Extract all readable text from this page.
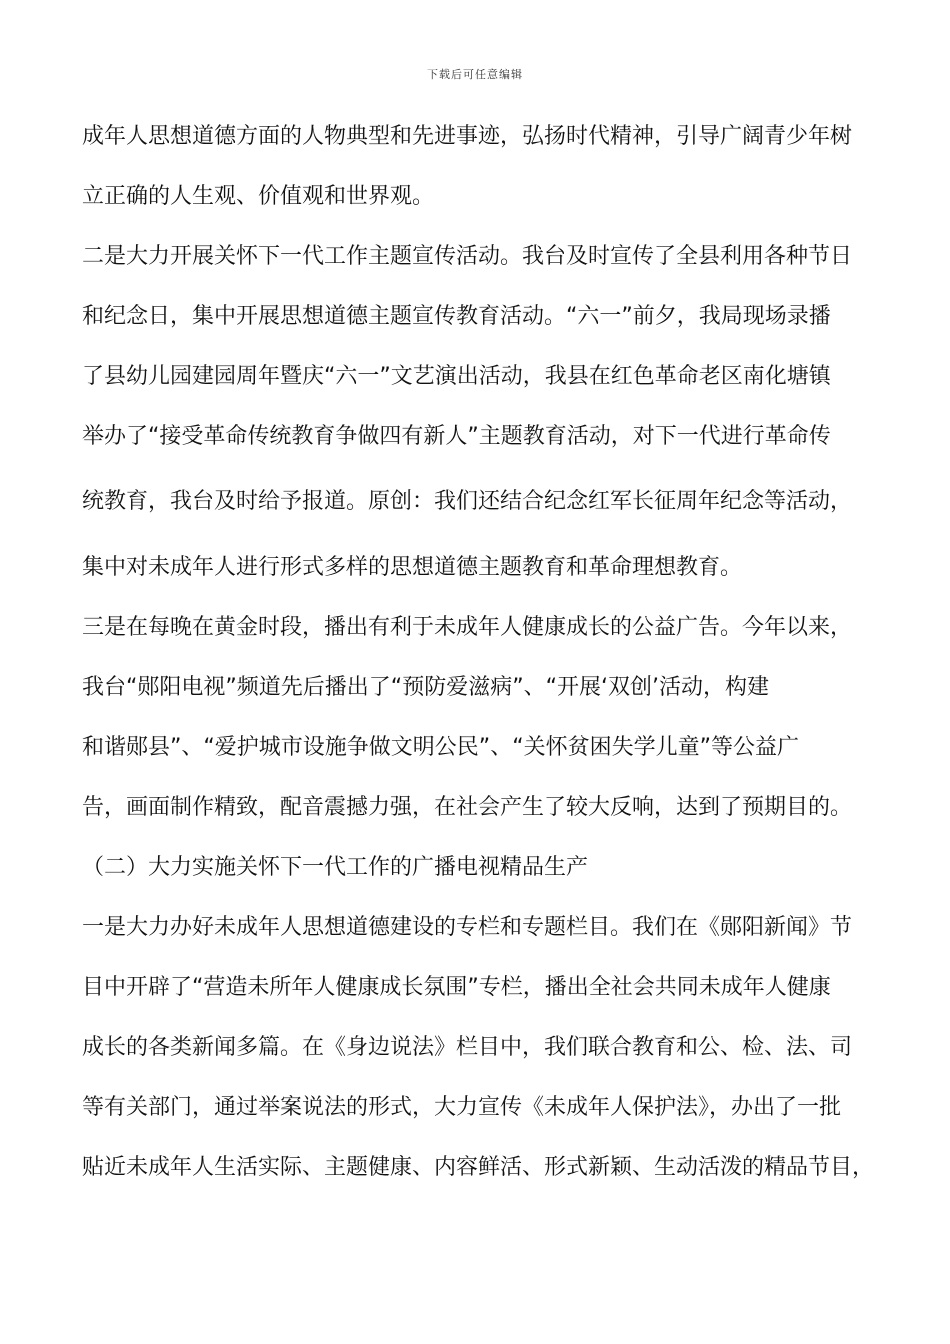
下载后可任意编辑
成年人思想道德方面的人物典型和先进事迹，弘扬时代精神，引导广阔青少年树
立正确的人生观、价值观和世界观。
二是大力开展关怀下一代工作主题宣传活动。我台及时宣传了全县利用各种节日
和纪念日，集中开展思想道德主题宣传教育活动。“六一”前夕，我局现场录播
了县幼儿园建园周年暨庆“六一”文艺演出活动，我县在红色革命老区南化塘镇
举办了“接受革命传统教育争做四有新人”主题教育活动，对下一代进行革命传
统教育，我台及时给予报道。原创：我们还结合纪念红军长征周年纪念等活动，
集中对未成年人进行形式多样的思想道德主题教育和革命理想教育。
三是在每晚在黄金时段，播出有利于未成年人健康成长的公益广告。今年以来，
我台“郧阳电视”频道先后播出了“预防爱滋病”、“开展‘双创’活动，构建
和谐郧县”、“爱护城市设施争做文明公民”、“关怀贫困失学儿童”等公益广
告，画面制作精致，配音震撼力强，在社会产生了较大反响，达到了预期目的。
（二）大力实施关怀下一代工作的广播电视精品生产
一是大力办好未成年人思想道德建设的专栏和专题栏目。我们在《郧阳新闻》节
目中开辟了“营造未所年人健康成长氛围”专栏，播出全社会共同未成年人健康
成长的各类新闻多篇。在《身边说法》栏目中，我们联合教育和公、检、法、司
等有关部门，通过举案说法的形式，大力宣传《未成年人保护法》，办出了一批
贴近未成年人生活实际、主题健康、内容鲜活、形式新颖、生动活泼的精品节目，
